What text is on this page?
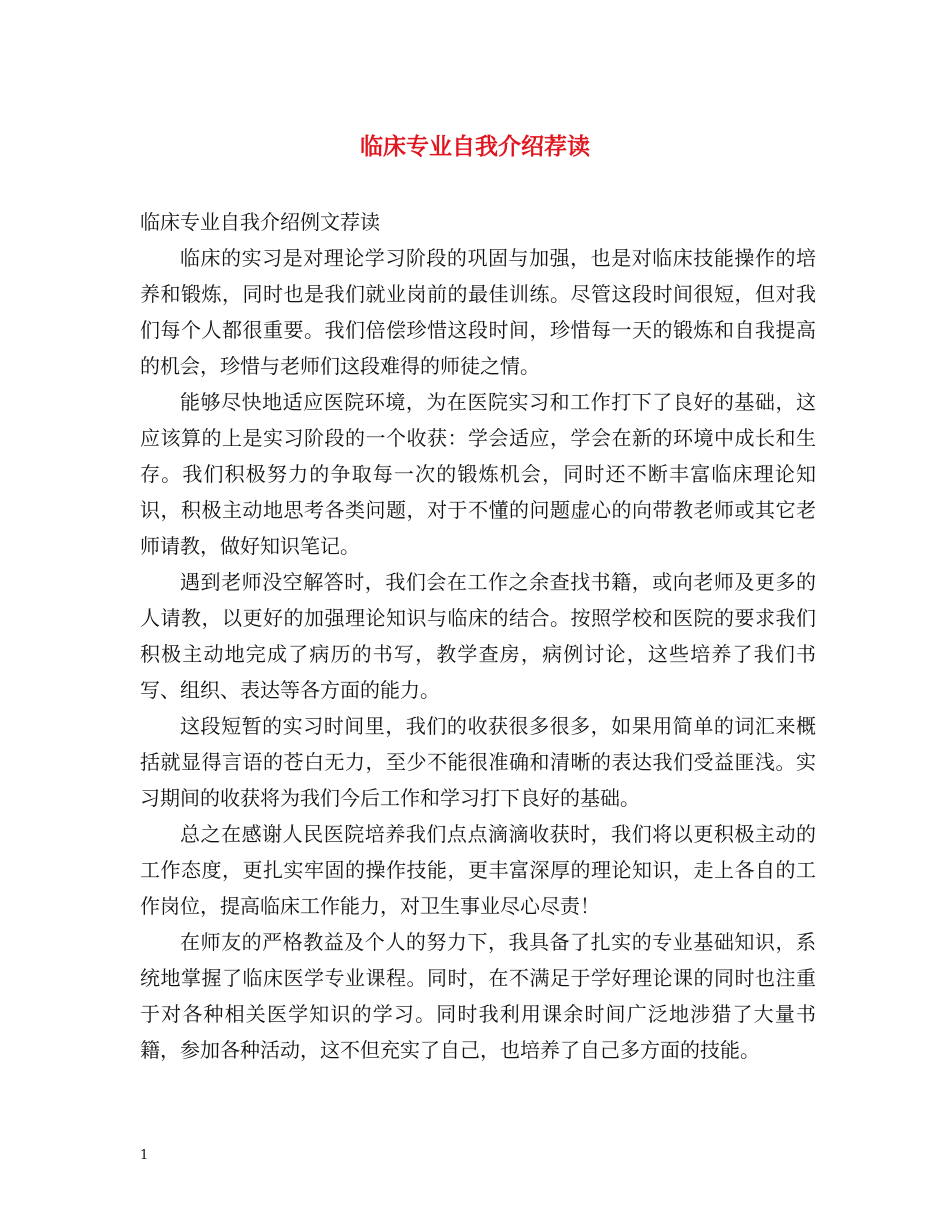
临床专业自我介绍荐读

临床专业自我介绍例文荐读

临床的实习是对理论学习阶段的巩固与加强，也是对临床技能操作的培养和锻炼，同时也是我们就业岗前的最佳训练。尽管这段时间很短，但对我们每个人都很重要。我们倍偿珍惜这段时间，珍惜每一天的锻炼和自我提高的机会，珍惜与老师们这段难得的师徒之情。

能够尽快地适应医院环境，为在医院实习和工作打下了良好的基础，这应该算的上是实习阶段的一个收获：学会适应，学会在新的环境中成长和生存。我们积极努力的争取每一次的锻炼机会，同时还不断丰富临床理论知识，积极主动地思考各类问题，对于不懂的问题虚心的向带教老师或其它老师请教，做好知识笔记。

遇到老师没空解答时，我们会在工作之余查找书籍，或向老师及更多的人请教，以更好的加强理论知识与临床的结合。按照学校和医院的要求我们积极主动地完成了病历的书写，教学查房，病例讨论，这些培养了我们书写、组织、表达等各方面的能力。

这段短暂的实习时间里，我们的收获很多很多，如果用简单的词汇来概括就显得言语的苍白无力，至少不能很准确和清晰的表达我们受益匪浅。实习期间的收获将为我们今后工作和学习打下良好的基础。

总之在感谢人民医院培养我们点点滴滴收获时，我们将以更积极主动的工作态度，更扎实牢固的操作技能，更丰富深厚的理论知识，走上各自的工作岗位，提高临床工作能力，对卫生事业尽心尽责！

在师友的严格教益及个人的努力下，我具备了扎实的专业基础知识，系统地掌握了临床医学专业课程。同时，在不满足于学好理论课的同时也注重于对各种相关医学知识的学习。同时我利用课余时间广泛地涉猎了大量书籍，参加各种活动，这不但充实了自己，也培养了自己多方面的技能。

1
